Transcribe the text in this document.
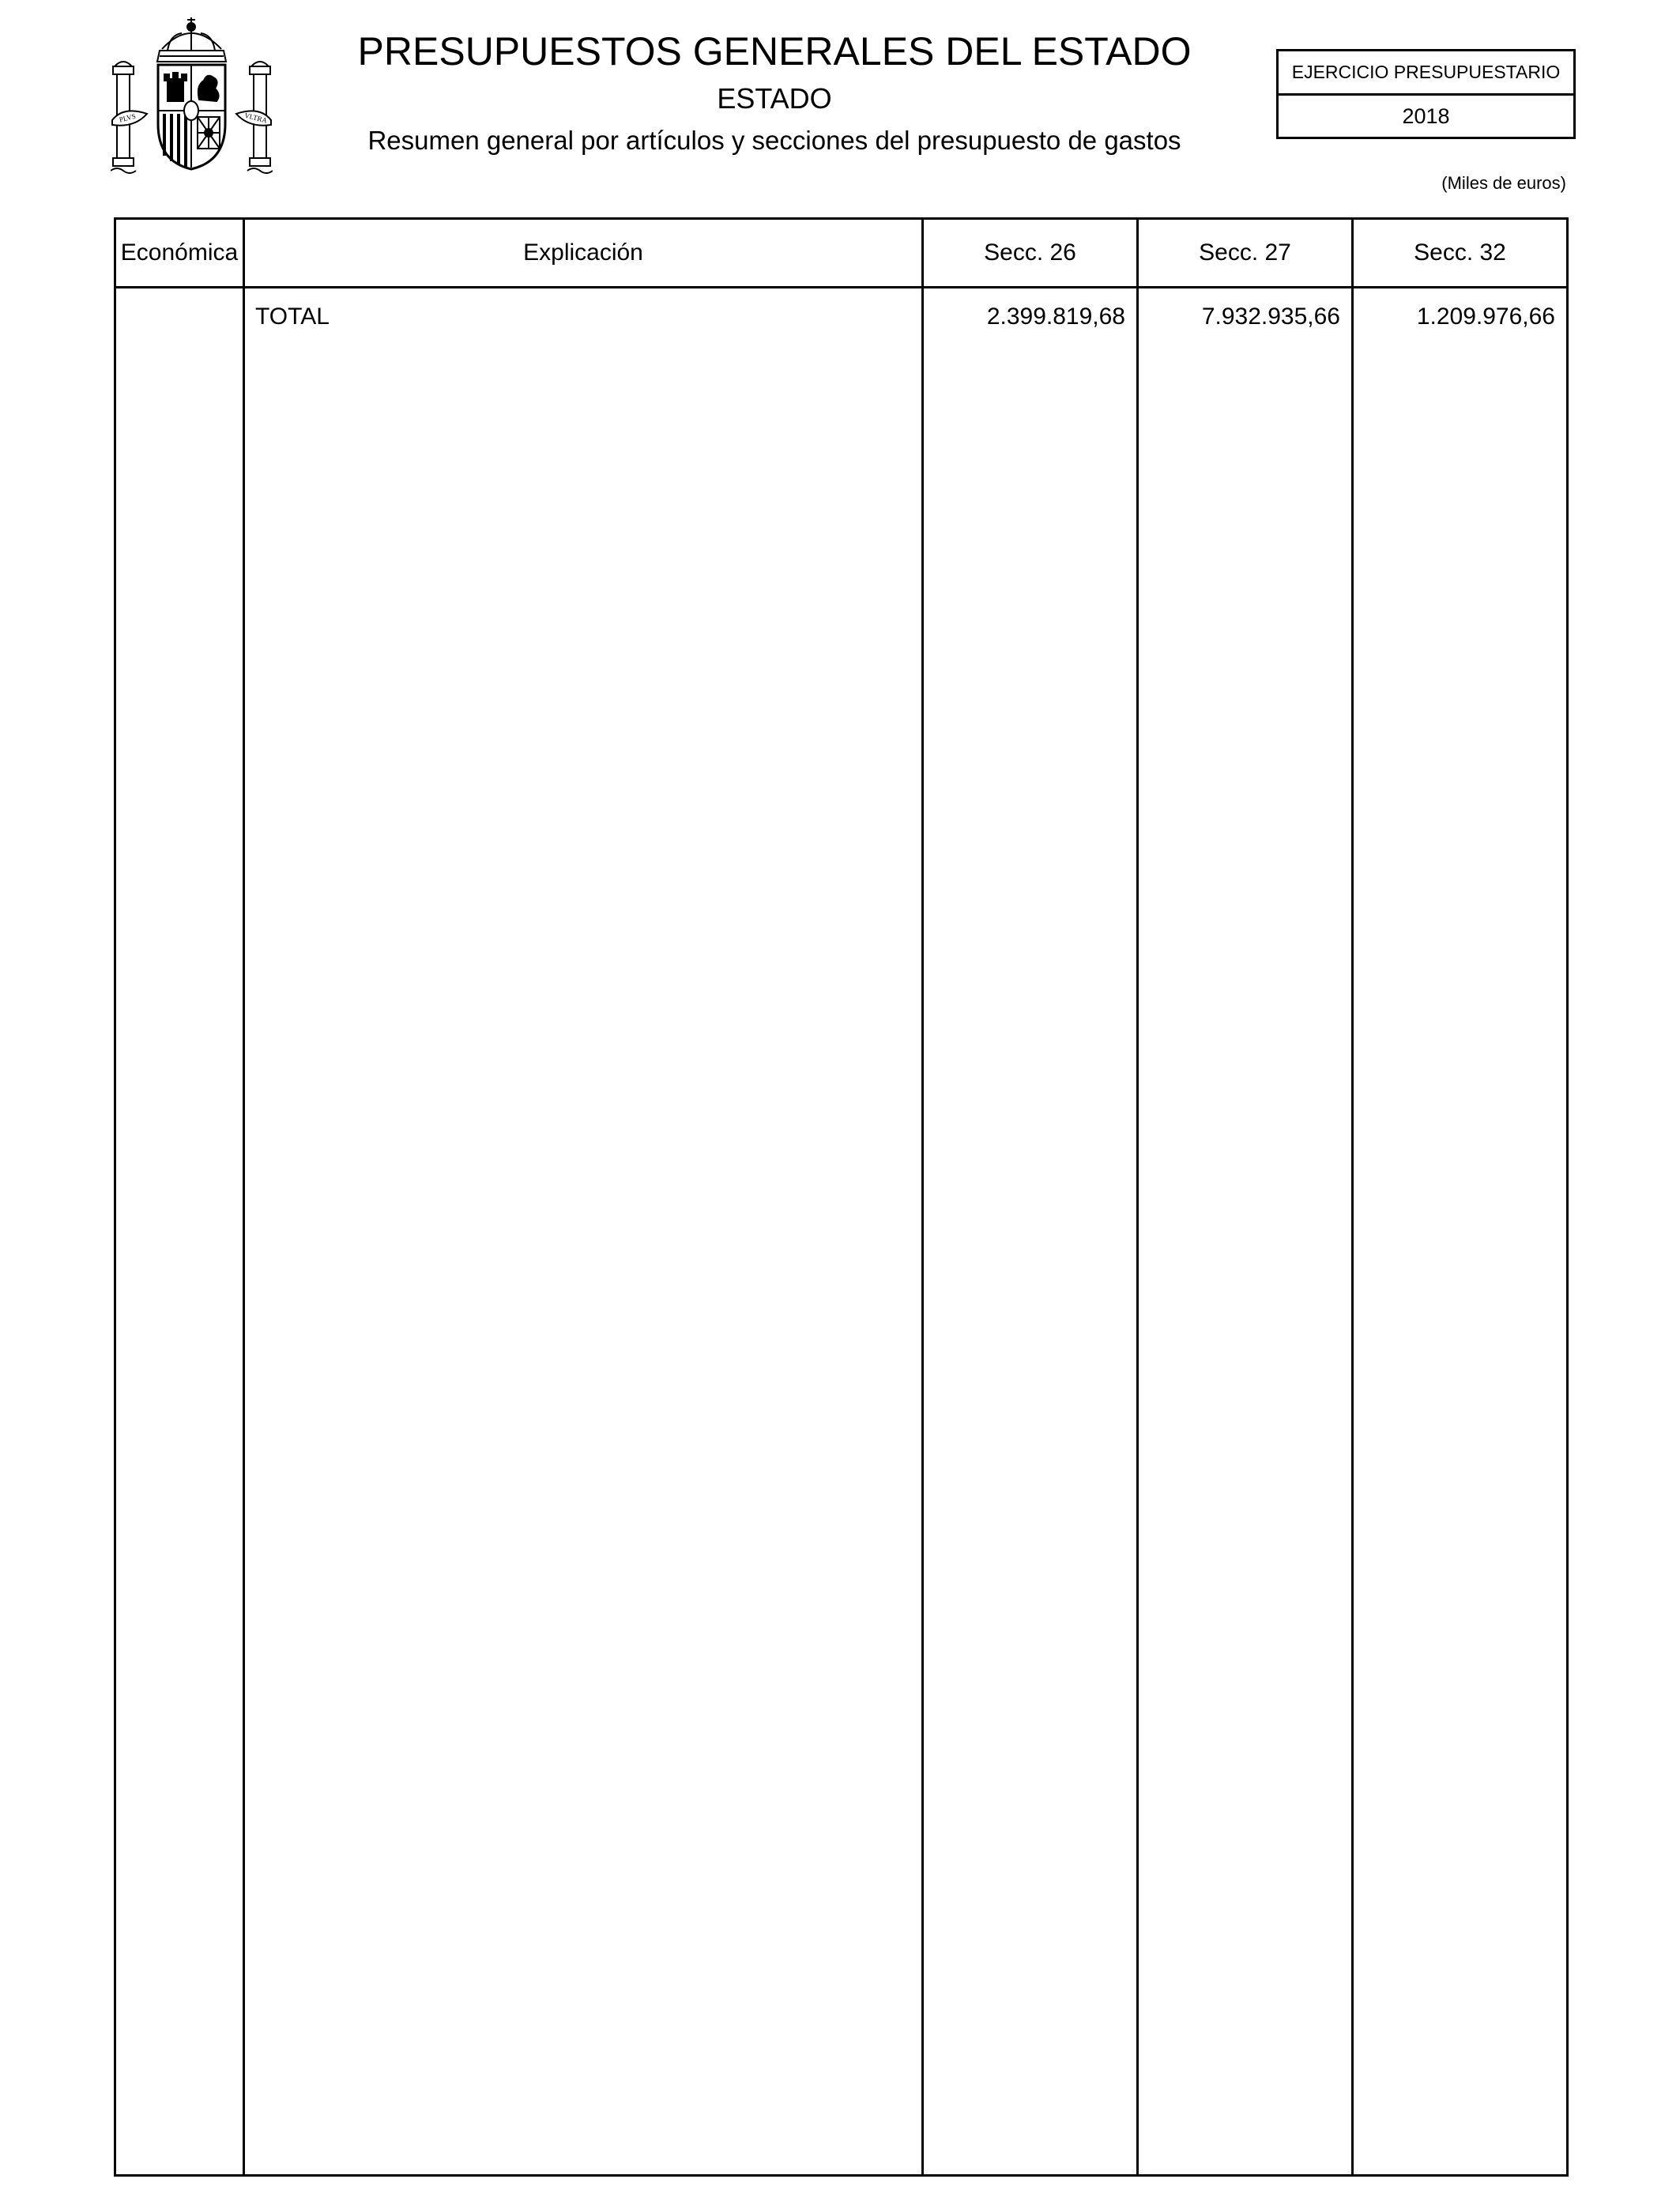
PLVS	VLTRA
PRESUPUESTOS GENERALES DEL ESTADO
ESTADO
Resumen general por artículos y secciones del presupuesto de gastos
EJERCICIO PRESUPUESTARIO
2018
(Miles de euros)
Económica	Explicación	Secc. 26	Secc. 27	Secc. 32
	TOTAL	2.399.819,68	7.932.935,66	1.209.976,66
